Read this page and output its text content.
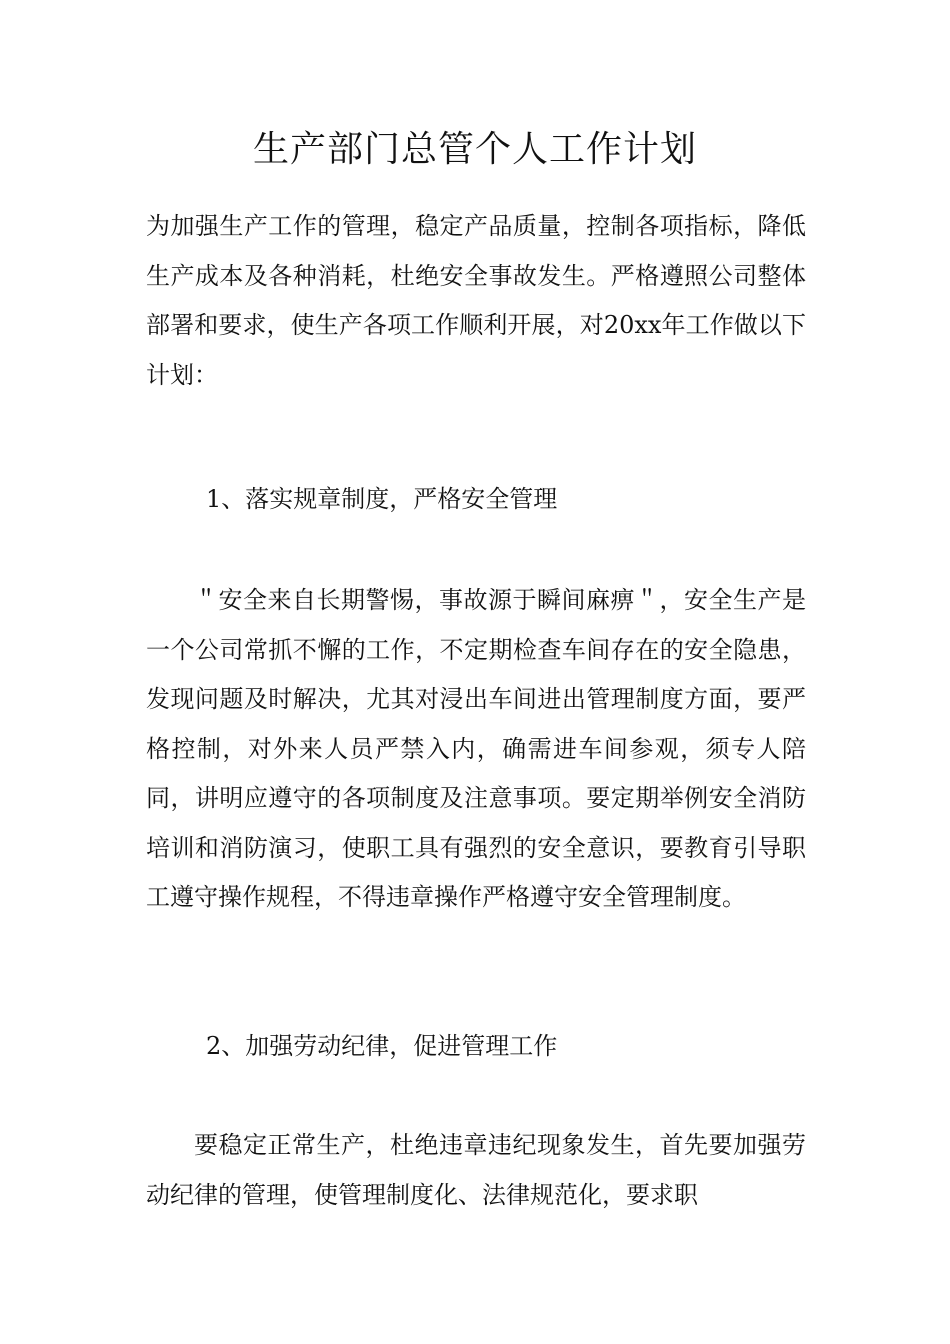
生产部门总管个人工作计划

为加强生产工作的管理，稳定产品质量，控制各项指标，降低生产成本及各种消耗，杜绝安全事故发生。严格遵照公司整体部署和要求，使生产各项工作顺利开展，对20xx年工作做以下计划：

1、落实规章制度，严格安全管理

＂安全来自长期警惕，事故源于瞬间麻痹＂，安全生产是一个公司常抓不懈的工作，不定期检查车间存在的安全隐患，发现问题及时解决，尤其对浸出车间进出管理制度方面，要严格控制，对外来人员严禁入内，确需进车间参观，须专人陪同，讲明应遵守的各项制度及注意事项。要定期举例安全消防培训和消防演习，使职工具有强烈的安全意识，要教育引导职工遵守操作规程，不得违章操作严格遵守安全管理制度。

2、加强劳动纪律，促进管理工作

要稳定正常生产，杜绝违章违纪现象发生，首先要加强劳动纪律的管理，使管理制度化、法律规范化，要求职
